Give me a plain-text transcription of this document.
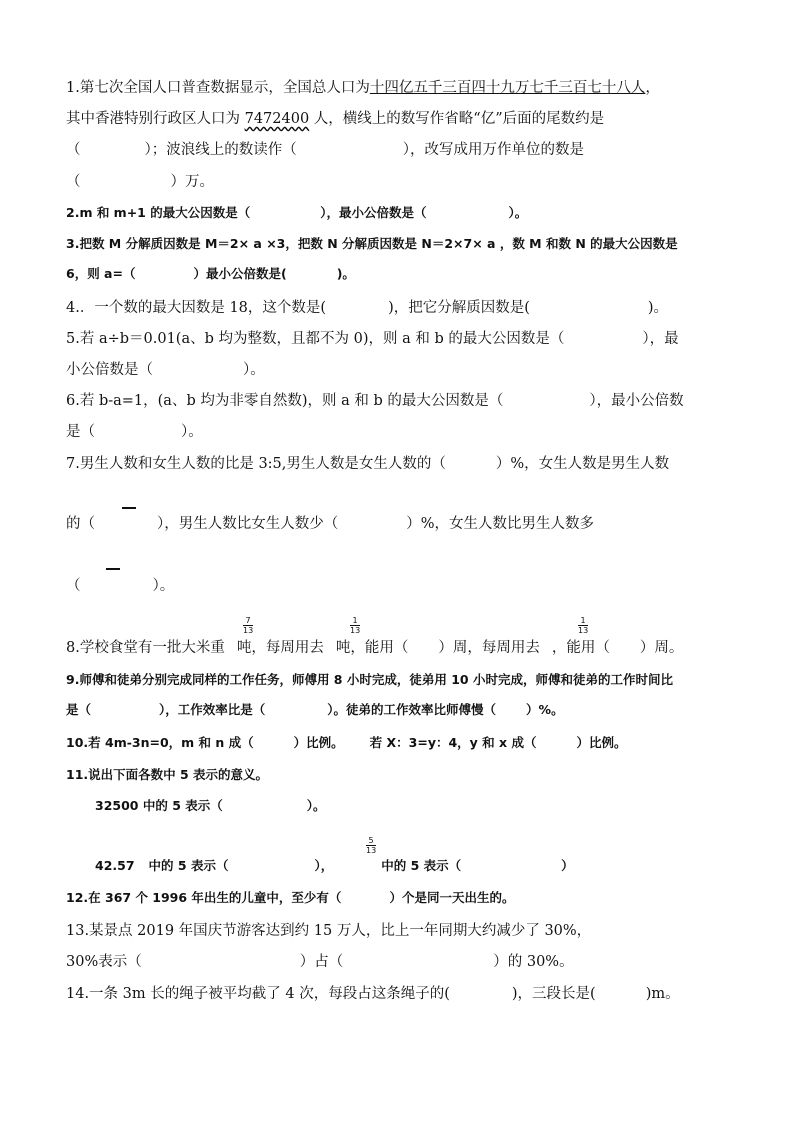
1.第七次全国人口普查数据显示，全国总人口为十四亿五千三百四十九万七千三百七十八人，
其中香港特别行政区人口为 7472400 人，横线上的数写作省略“亿”后面的尾数约是
（	）；波浪线上的数读作（	），改写成用万作单位的数是
（	）万。
2.m 和 m+1 的最大公因数是（	），最小公倍数是（	）。
3.把数 M 分解质因数是 M＝2× a ×3，把数 N 分解质因数是 N＝2×7× a ，数 M 和数 N 的最大公因数是
6，则 a=（	）最小公倍数是(	)。
4.．一个数的最大因数是 18，这个数是(	)，把它分解质因数是(	)。
5.若 a÷b＝0.01(a、b 均为整数，且都不为 0)，则 a 和 b 的最大公因数是（	），最
小公倍数是（	）。
6.若 b-a=1，(a、b 均为非零自然数)，则 a 和 b 的最大公因数是（	），最小公倍数
是（	）。
7.男生人数和女生人数的比是 3:5,男生人数是女生人数的（	）%，女生人数是男生人数
的（	），男生人数比女生人数少（	）%，女生人数比男生人数多
（	）。
8.学校食堂有一批大米重 吨，每周用去 吨，能用（ ）周，每周用去 ，能用（ ）周。
7
13
1
13
1
13
9.师傅和徒弟分别完成同样的工作任务，师傅用 8 小时完成，徒弟用 10 小时完成，师傅和徒弟的工作时间比
是（	），工作效率比是（	）。徒弟的工作效率比师傅慢（ ）%。
10.若 4m-3n=0，m 和 n 成（	）比例。 若 X：3=y：4，y 和 x 成（	）比例。
11.说出下面各数中 5 表示的意义。
32500 中的 5 表示（	）。
42.57 中的 5 表示（	），	中的 5 表示（	）
5
13
12.在 367 个 1996 年出生的儿童中，至少有（	）个是同一天出生的。
13.某景点 2019 年国庆节游客达到约 15 万人，比上一年同期大约减少了 30%，
30%表示（	）占（	）的 30%。
14.一条 3m 长的绳子被平均截了 4 次，每段占这条绳子的(	)，三段长是(	)m。
